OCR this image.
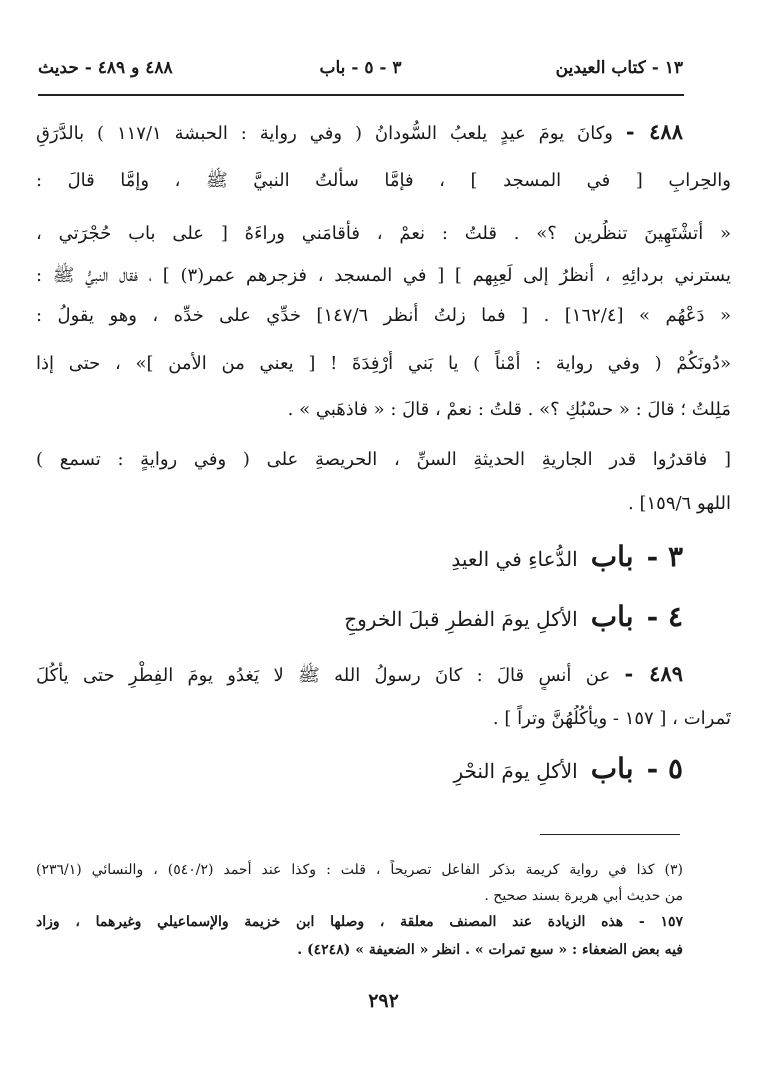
١٣ - كتاب العيدين
٣ - ٥ - باب
٤٨٨ و ٤٨٩ - حديث
٤٨٨ - وكانَ يومَ عيدٍ يلعبُ السُّودانُ ( وفي رواية : الحبشة ١١٧/١ ) بالدَّرَقِ
والحِرابِ [ في المسجد ] ، فإمَّا سألتُ النبيَّ ﷺ ، وإمَّا قالَ :
« أتشْتَهِينَ تنظُرين ؟» . قلتُ : نعمْ ، فأقامَني وراءَهُ [ على باب حُجْرَتي ،
يسترني بردائِهِ ، أنظرُ إلى لَعِبِهم ] [ في المسجد ، فزجرهم عمر(٣) ] ، فقال النبيُّ ﷺ :
« دَعْهُم » [١٦٢/٤] . [ فما زلتُ أنظر ١٤٧/٦] خدِّي على خدِّه ، وهو يقولُ :
«دُونَكُمْ ( وفي رواية : أَمْناً ) يا بَني أَرْفِدَةَ ! [ يعني من الأمن ]» ، حتى إذا
مَلِلتُ ؛ قالَ : « حسْبُكِ ؟» . قلتُ : نعمْ ، قالَ : « فاذهَبي » .
[ فاقدرُوا قدر الجاريةِ الحديثةِ السنِّ ، الحريصةِ على ( وفي روايةٍ : تسمع )
اللهو ١٥٩/٦] .
٣ - باب الدُّعاءِ في العيدِ
٤ - باب الأكلِ يومَ الفطرِ قبلَ الخروجِ
٤٨٩ - عن أنسٍ قالَ : كانَ رسولُ الله ﷺ لا يَغدُو يومَ الفِطْرِ حتى يأكُلَ
تَمرات ، [ ١٥٧ - ويأكُلُهُنَّ وتراً ] .
٥ - باب الأكلِ يومَ النحْرِ
(٣) كذا في رواية كريمة بذكر الفاعل تصريحاً ، قلت : وكذا عند أحمد (٥٤٠/٢) ، والنسائي (٢٣٦/١)
من حديث أبي هريرة بسند صحيح .
١٥٧ - هذه الزيادة عند المصنف معلقة ، وصلها ابن خزيمة والإسماعيلي وغيرهما ، وزاد
فيه بعض الضعفاء : « سبع تمرات » . انظر « الضعيفة » (٤٢٤٨) .
٢٩٢
